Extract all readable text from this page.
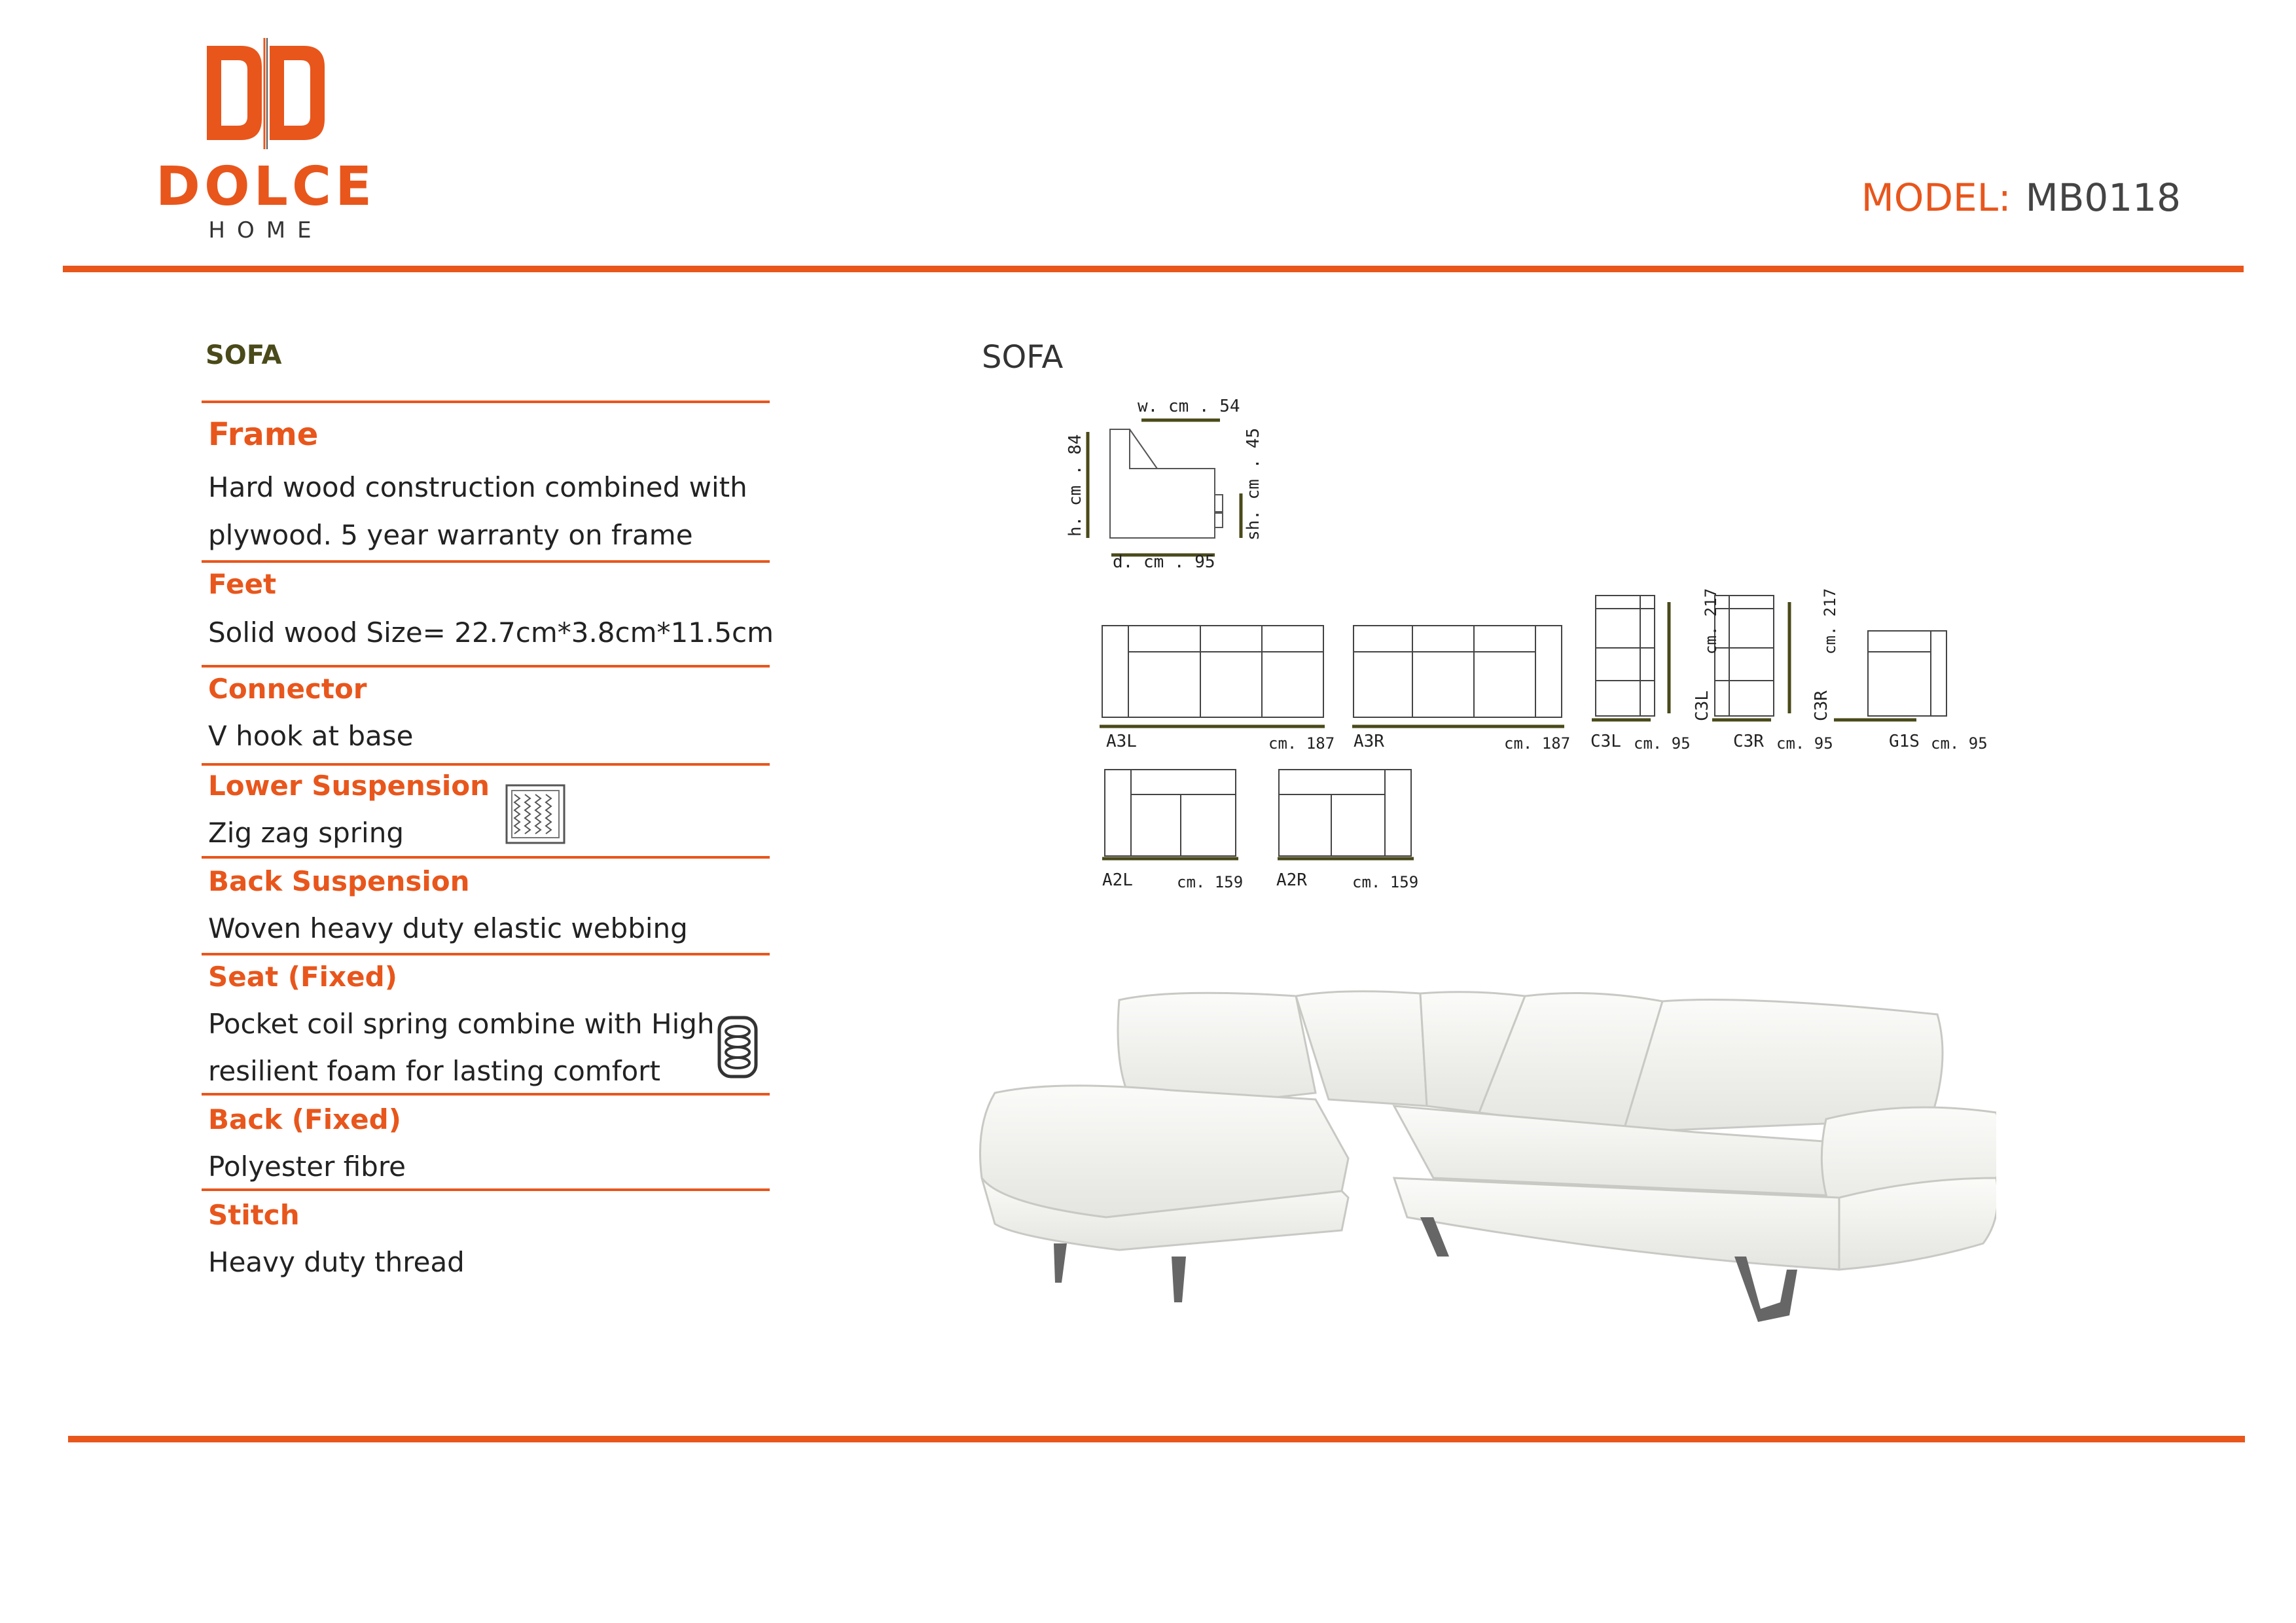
DOLCE
HOME
MODEL: MB0118
SOFA
Frame
Hard wood construction combined with
plywood. 5 year warranty on frame
Feet
Solid wood Size= 22.7cm*3.8cm*11.5cm
Connector
V hook at base
Lower Suspension
Zig zag spring
Back Suspension
Woven heavy duty elastic webbing
Seat (Fixed)
Pocket coil spring combine with High
resilient foam for lasting comfort
Back (Fixed)
Polyester fibre
Stitch
Heavy duty thread
SOFA
w. cm . 54
h. cm . 84	sh. cm . 45
d. cm . 95
A3L	cm. 187 A3R	cm. 187 C3L cm. 95
cm. 217
C3L
C3R cm. 95
cm. 217
C3R
G1S cm. 95
A2L	cm. 159 A2R	cm. 159
